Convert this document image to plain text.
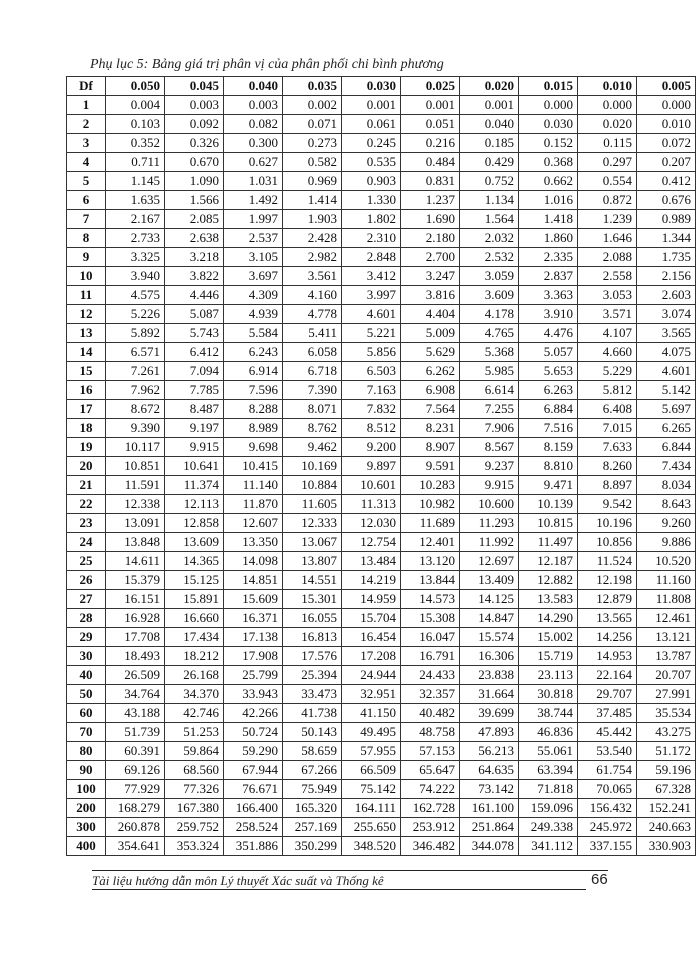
Phụ lục 5: Bảng giá trị phân vị của phân phối chi bình phương
Df	0.050	0.045	0.040	0.035	0.030	0.025	0.020	0.015	0.010	0.005
1	0.004	0.003	0.003	0.002	0.001	0.001	0.001	0.000	0.000	0.000
2	0.103	0.092	0.082	0.071	0.061	0.051	0.040	0.030	0.020	0.010
3	0.352	0.326	0.300	0.273	0.245	0.216	0.185	0.152	0.115	0.072
4	0.711	0.670	0.627	0.582	0.535	0.484	0.429	0.368	0.297	0.207
5	1.145	1.090	1.031	0.969	0.903	0.831	0.752	0.662	0.554	0.412
6	1.635	1.566	1.492	1.414	1.330	1.237	1.134	1.016	0.872	0.676
7	2.167	2.085	1.997	1.903	1.802	1.690	1.564	1.418	1.239	0.989
8	2.733	2.638	2.537	2.428	2.310	2.180	2.032	1.860	1.646	1.344
9	3.325	3.218	3.105	2.982	2.848	2.700	2.532	2.335	2.088	1.735
10	3.940	3.822	3.697	3.561	3.412	3.247	3.059	2.837	2.558	2.156
11	4.575	4.446	4.309	4.160	3.997	3.816	3.609	3.363	3.053	2.603
12	5.226	5.087	4.939	4.778	4.601	4.404	4.178	3.910	3.571	3.074
13	5.892	5.743	5.584	5.411	5.221	5.009	4.765	4.476	4.107	3.565
14	6.571	6.412	6.243	6.058	5.856	5.629	5.368	5.057	4.660	4.075
15	7.261	7.094	6.914	6.718	6.503	6.262	5.985	5.653	5.229	4.601
16	7.962	7.785	7.596	7.390	7.163	6.908	6.614	6.263	5.812	5.142
17	8.672	8.487	8.288	8.071	7.832	7.564	7.255	6.884	6.408	5.697
18	9.390	9.197	8.989	8.762	8.512	8.231	7.906	7.516	7.015	6.265
19	10.117	9.915	9.698	9.462	9.200	8.907	8.567	8.159	7.633	6.844
20	10.851	10.641	10.415	10.169	9.897	9.591	9.237	8.810	8.260	7.434
21	11.591	11.374	11.140	10.884	10.601	10.283	9.915	9.471	8.897	8.034
22	12.338	12.113	11.870	11.605	11.313	10.982	10.600	10.139	9.542	8.643
23	13.091	12.858	12.607	12.333	12.030	11.689	11.293	10.815	10.196	9.260
24	13.848	13.609	13.350	13.067	12.754	12.401	11.992	11.497	10.856	9.886
25	14.611	14.365	14.098	13.807	13.484	13.120	12.697	12.187	11.524	10.520
26	15.379	15.125	14.851	14.551	14.219	13.844	13.409	12.882	12.198	11.160
27	16.151	15.891	15.609	15.301	14.959	14.573	14.125	13.583	12.879	11.808
28	16.928	16.660	16.371	16.055	15.704	15.308	14.847	14.290	13.565	12.461
29	17.708	17.434	17.138	16.813	16.454	16.047	15.574	15.002	14.256	13.121
30	18.493	18.212	17.908	17.576	17.208	16.791	16.306	15.719	14.953	13.787
40	26.509	26.168	25.799	25.394	24.944	24.433	23.838	23.113	22.164	20.707
50	34.764	34.370	33.943	33.473	32.951	32.357	31.664	30.818	29.707	27.991
60	43.188	42.746	42.266	41.738	41.150	40.482	39.699	38.744	37.485	35.534
70	51.739	51.253	50.724	50.143	49.495	48.758	47.893	46.836	45.442	43.275
80	60.391	59.864	59.290	58.659	57.955	57.153	56.213	55.061	53.540	51.172
90	69.126	68.560	67.944	67.266	66.509	65.647	64.635	63.394	61.754	59.196
100	77.929	77.326	76.671	75.949	75.142	74.222	73.142	71.818	70.065	67.328
200	168.279	167.380	166.400	165.320	164.111	162.728	161.100	159.096	156.432	152.241
300	260.878	259.752	258.524	257.169	255.650	253.912	251.864	249.338	245.972	240.663
400	354.641	353.324	351.886	350.299	348.520	346.482	344.078	341.112	337.155	330.903
Tài liệu hướng dẫn môn Lý thuyết Xác suất và Thống kê	66
